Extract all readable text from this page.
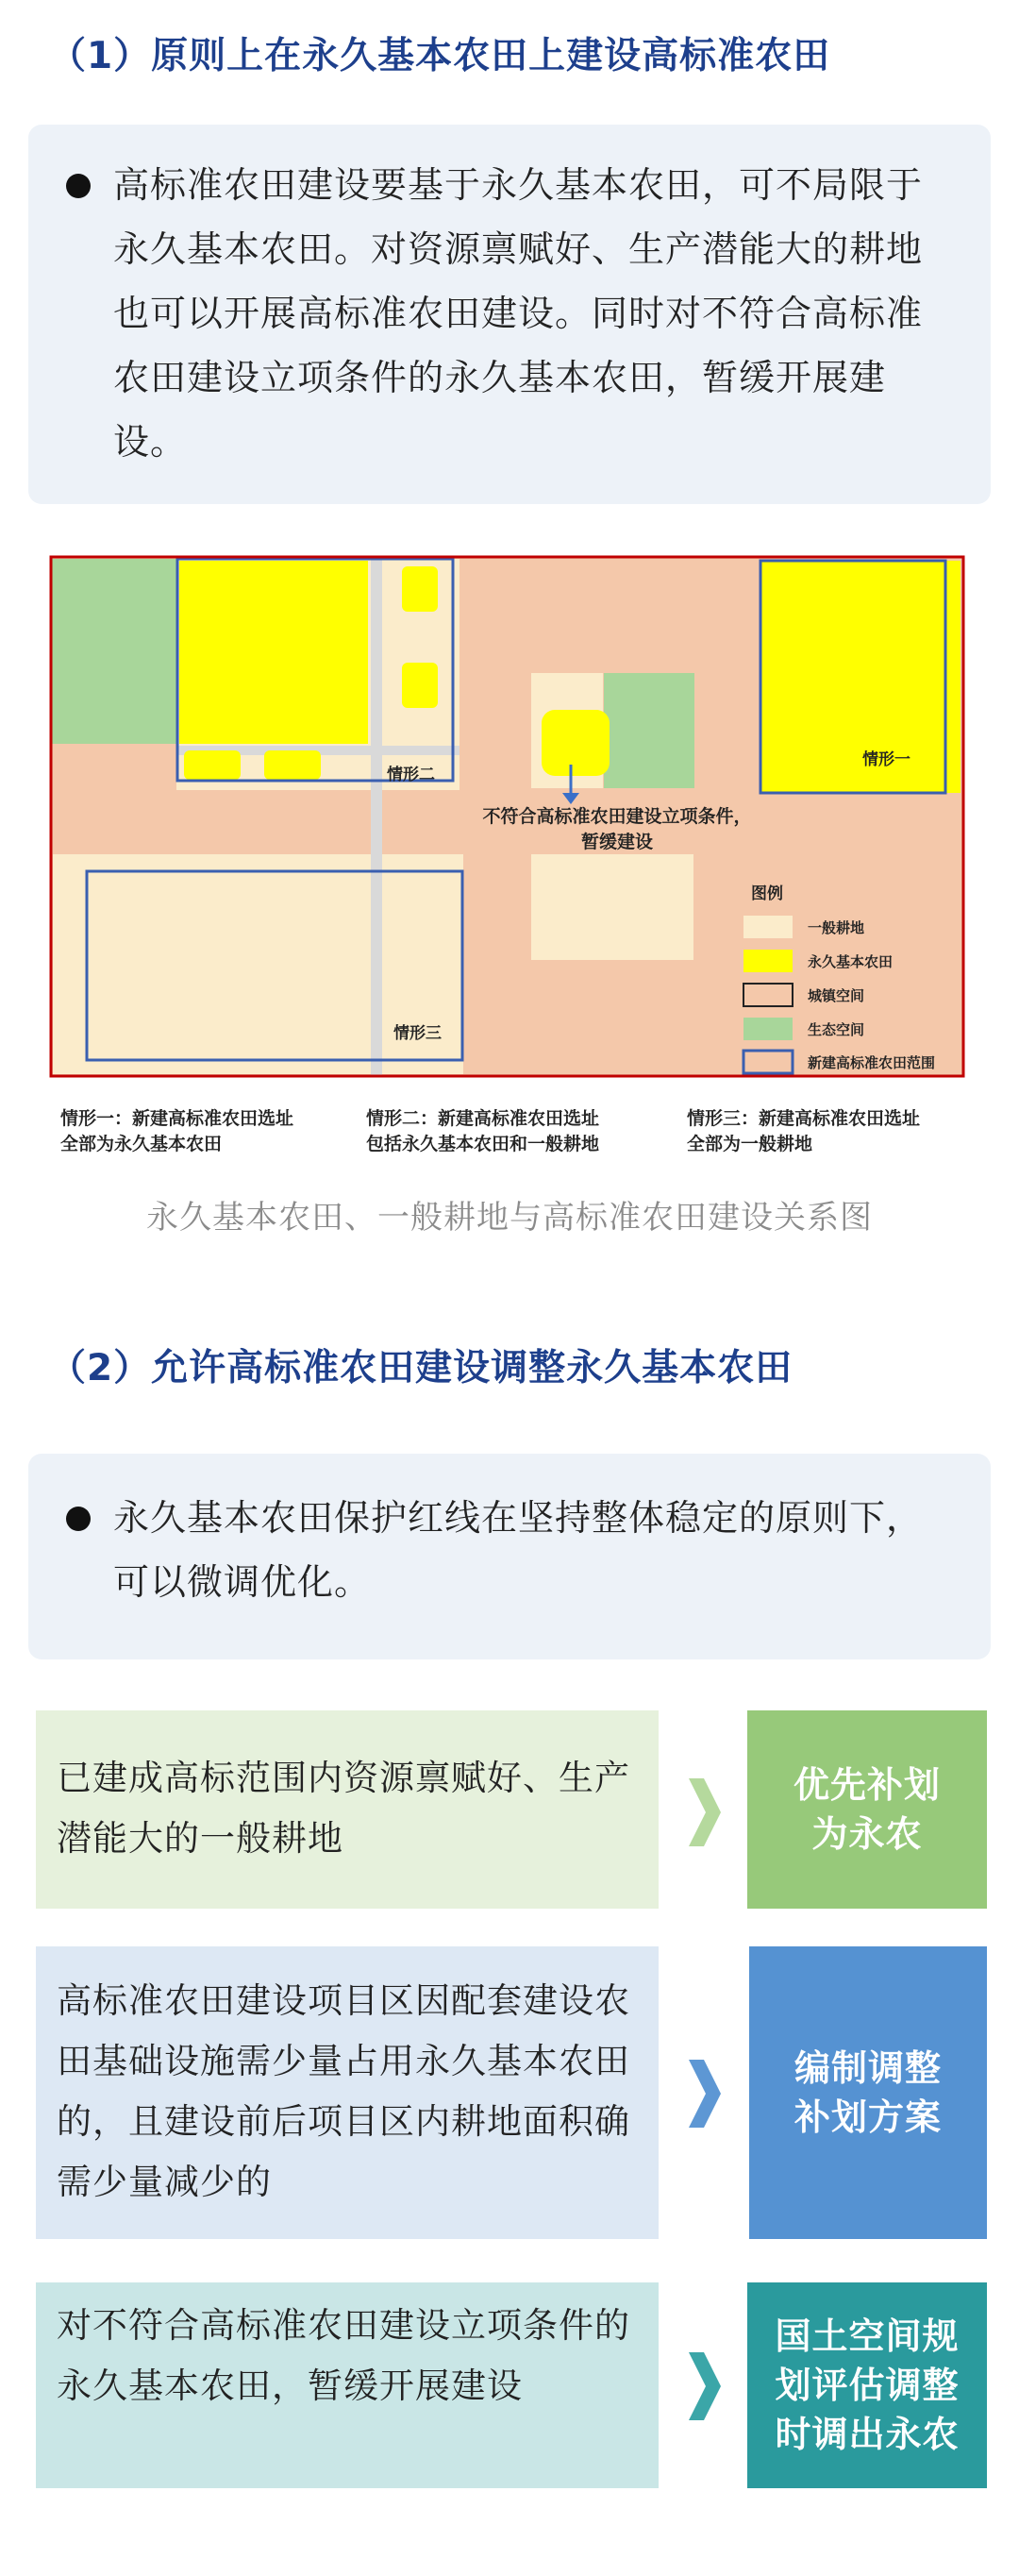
（1）原则上在永久基本农田上建设高标准农田
高标准农田建设要基于永久基本农田，可不局限于永久基本农田。对资源禀赋好、生产潜能大的耕地也可以开展高标准农田建设。同时对不符合高标准农田建设立项条件的永久基本农田，暂缓开展建设。
情形一
情形二
情形三
不符合高标准农田建设立项条件，
暂缓建设
图例
一般耕地
永久基本农田
城镇空间
生态空间
新建高标准农田范围
情形一：新建高标准农田选址
全部为永久基本农田
情形二：新建高标准农田选址
包括永久基本农田和一般耕地
情形三：新建高标准农田选址
全部为一般耕地
永久基本农田、一般耕地与高标准农田建设关系图
（2）允许高标准农田建设调整永久基本农田
永久基本农田保护红线在坚持整体稳定的原则下，可以微调优化。
已建成高标范围内资源禀赋好、生产潜能大的一般耕地
优先补划
为永农
高标准农田建设项目区因配套建设农田基础设施需少量占用永久基本农田的，且建设前后项目区内耕地面积确需少量减少的
编制调整
补划方案
对不符合高标准农田建设立项条件的永久基本农田，暂缓开展建设
国土空间规
划评估调整
时调出永农
